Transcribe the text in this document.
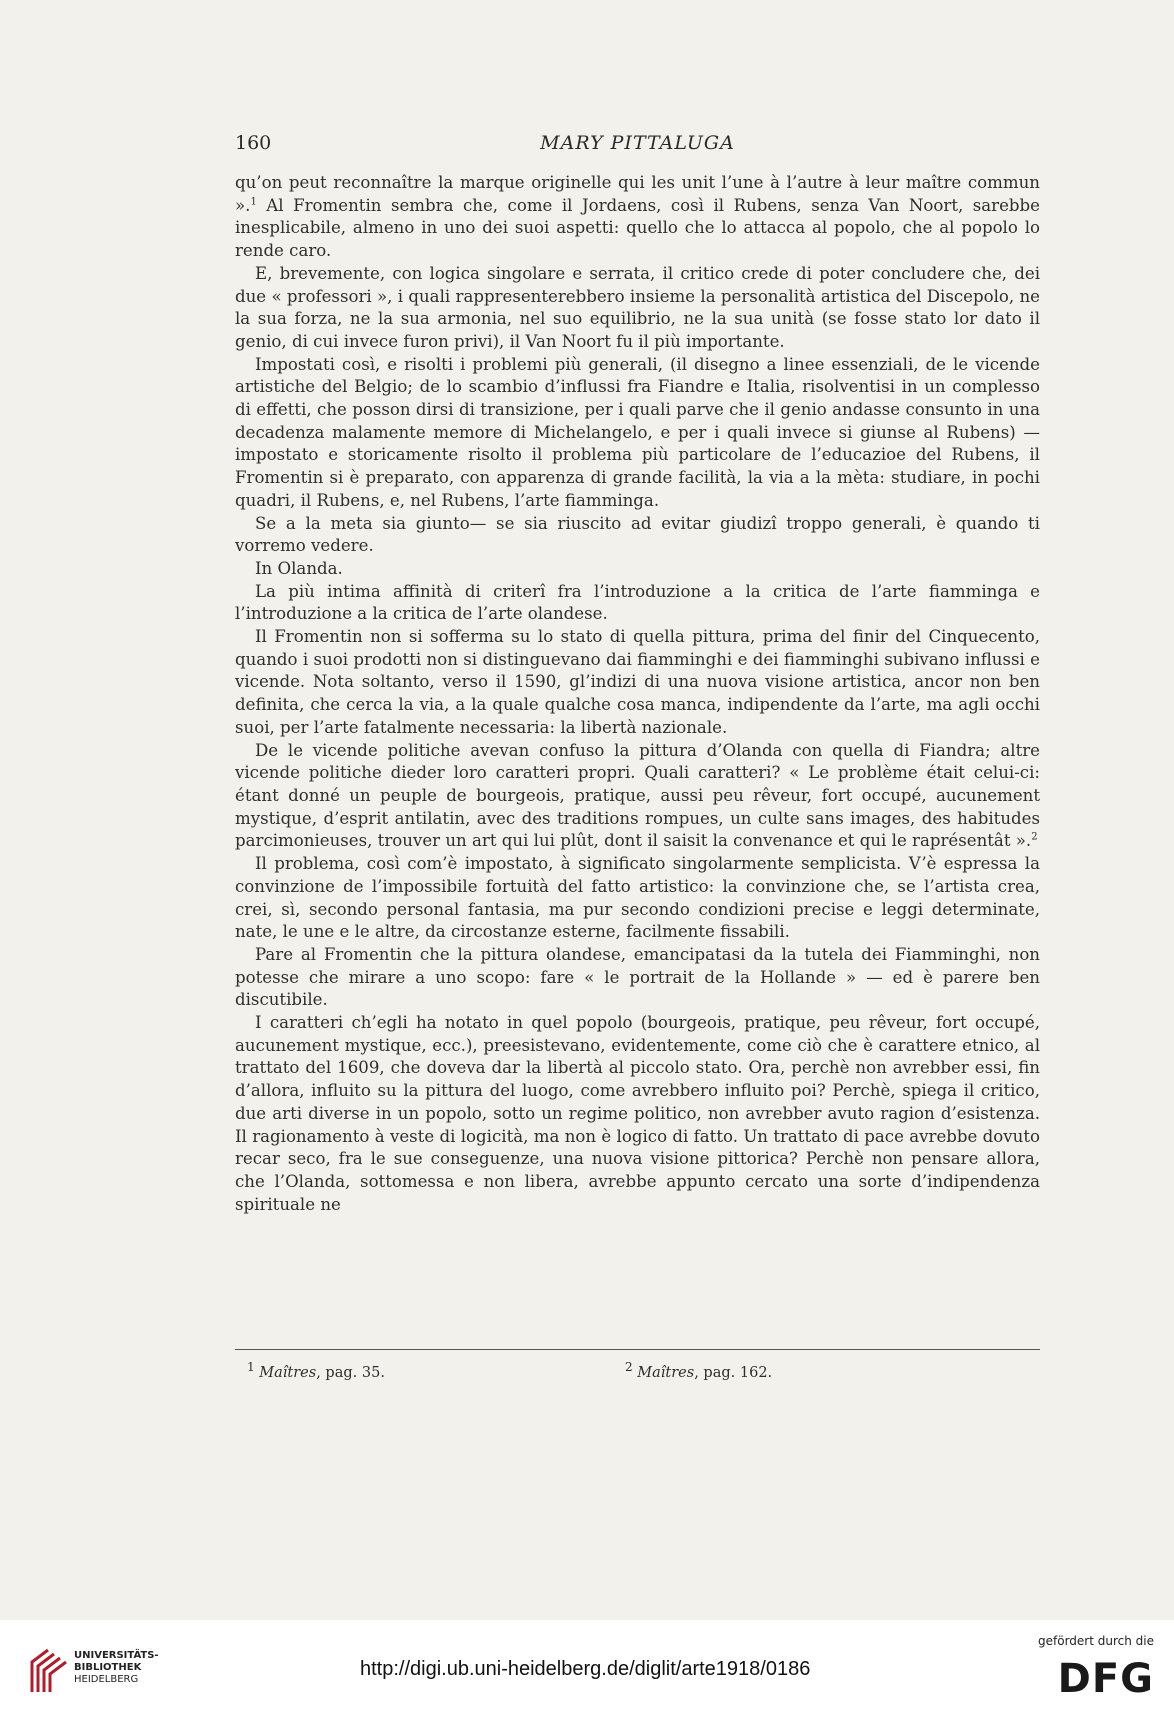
160	MARY PITTALUGA

qu’on peut reconnaître la marque originelle qui les unit l’une à l’autre à leur maître commun ».$^1$ Al Fromentin sembra che, come il Jordaens, così il Rubens, senza Van Noort, sarebbe inesplicabile, almeno in uno dei suoi aspetti: quello che lo attacca al popolo, che al popolo lo rende caro.

E, brevemente, con logica singolare e serrata, il critico crede di poter concludere che, dei due « professori », i quali rappresenterebbero insieme la personalità artistica del Discepolo, ne la sua forza, ne la sua armonia, nel suo equilibrio, ne la sua unità (se fosse stato lor dato il genio, di cui invece furon privi), il Van Noort fu il più importante.

Impostati così, e risolti i problemi più generali, (il disegno a linee essenziali, de le vicende artistiche del Belgio; de lo scambio d’influssi fra Fiandre e Italia, risolventisi in un complesso di effetti, che posson dirsi di transizione, per i quali parve che il genio andasse consunto in una decadenza malamente memore di Michelangelo, e per i quali invece si giunse al Rubens) — impostato e storicamente risolto il problema più particolare de l’educazioe del Rubens, il Fromentin si è preparato, con apparenza di grande facilità, la via a la mèta: studiare, in pochi quadri, il Rubens, e, nel Rubens, l’arte fiamminga.

Se a la meta sia giunto— se sia riuscito ad evitar giudizî troppo generali, è quando ti vorremo vedere.

In Olanda.

La più intima affinità di criterî fra l’introduzione a la critica de l’arte fiamminga e l’introduzione a la critica de l’arte olandese.

Il Fromentin non si sofferma su lo stato di quella pittura, prima del finir del Cinquecento, quando i suoi prodotti non si distinguevano dai fiamminghi e dei fiamminghi subivano influssi e vicende. Nota soltanto, verso il 1590, gl’indizi di una nuova visione artistica, ancor non ben definita, che cerca la via, a la quale qualche cosa manca, indipendente da l’arte, ma agli occhi suoi, per l’arte fatalmente necessaria: la libertà nazionale.

De le vicende politiche avevan confuso la pittura d’Olanda con quella di Fiandra; altre vicende politiche dieder loro caratteri propri. Quali caratteri? « Le problème était celui-ci: étant donné un peuple de bourgeois, pratique, aussi peu rêveur, fort occupé, aucunement mystique, d’esprit antilatin, avec des traditions rompues, un culte sans images, des habitudes parcimonieuses, trouver un art qui lui plût, dont il saisit la convenance et qui le raprésentât ».$^2$

Il problema, così com’è impostato, à significato singolarmente semplicista. V’è espressa la convinzione de l’impossibile fortuità del fatto artistico: la convinzione che, se l’artista crea, crei, sì, secondo personal fantasia, ma pur secondo condizioni precise e leggi determinate, nate, le une e le altre, da circostanze esterne, facilmente fissabili.

Pare al Fromentin che la pittura olandese, emancipatasi da la tutela dei Fiamminghi, non potesse che mirare a uno scopo: fare « le portrait de la Hollande » — ed è parere ben discutibile.

I caratteri ch’egli ha notato in quel popolo (bourgeois, pratique, peu rêveur, fort occupé, aucunement mystique, ecc.), preesistevano, evidentemente, come ciò che è carattere etnico, al trattato del 1609, che doveva dar la libertà al piccolo stato. Ora, perchè non avrebber essi, fin d’allora, influito su la pittura del luogo, come avrebbero influito poi? Perchè, spiega il critico, due arti diverse in un popolo, sotto un regime politico, non avrebber avuto ragion d’esistenza. Il ragionamento à veste di logicità, ma non è logico di fatto. Un trattato di pace avrebbe dovuto recar seco, fra le sue conseguenze, una nuova visione pittorica? Perchè non pensare allora, che l’Olanda, sottomessa e non libera, avrebbe appunto cercato una sorte d’indipendenza spirituale ne

$^1$ Maîtres, pag. 35.	$^2$ Maîtres, pag. 162.
UNIVERSITÄTS-
BIBLIOTHEK
HEIDELBERG	http://digi.ub.uni-heidelberg.de/diglit/arte1918/0186
gefördert durch die
DFG
